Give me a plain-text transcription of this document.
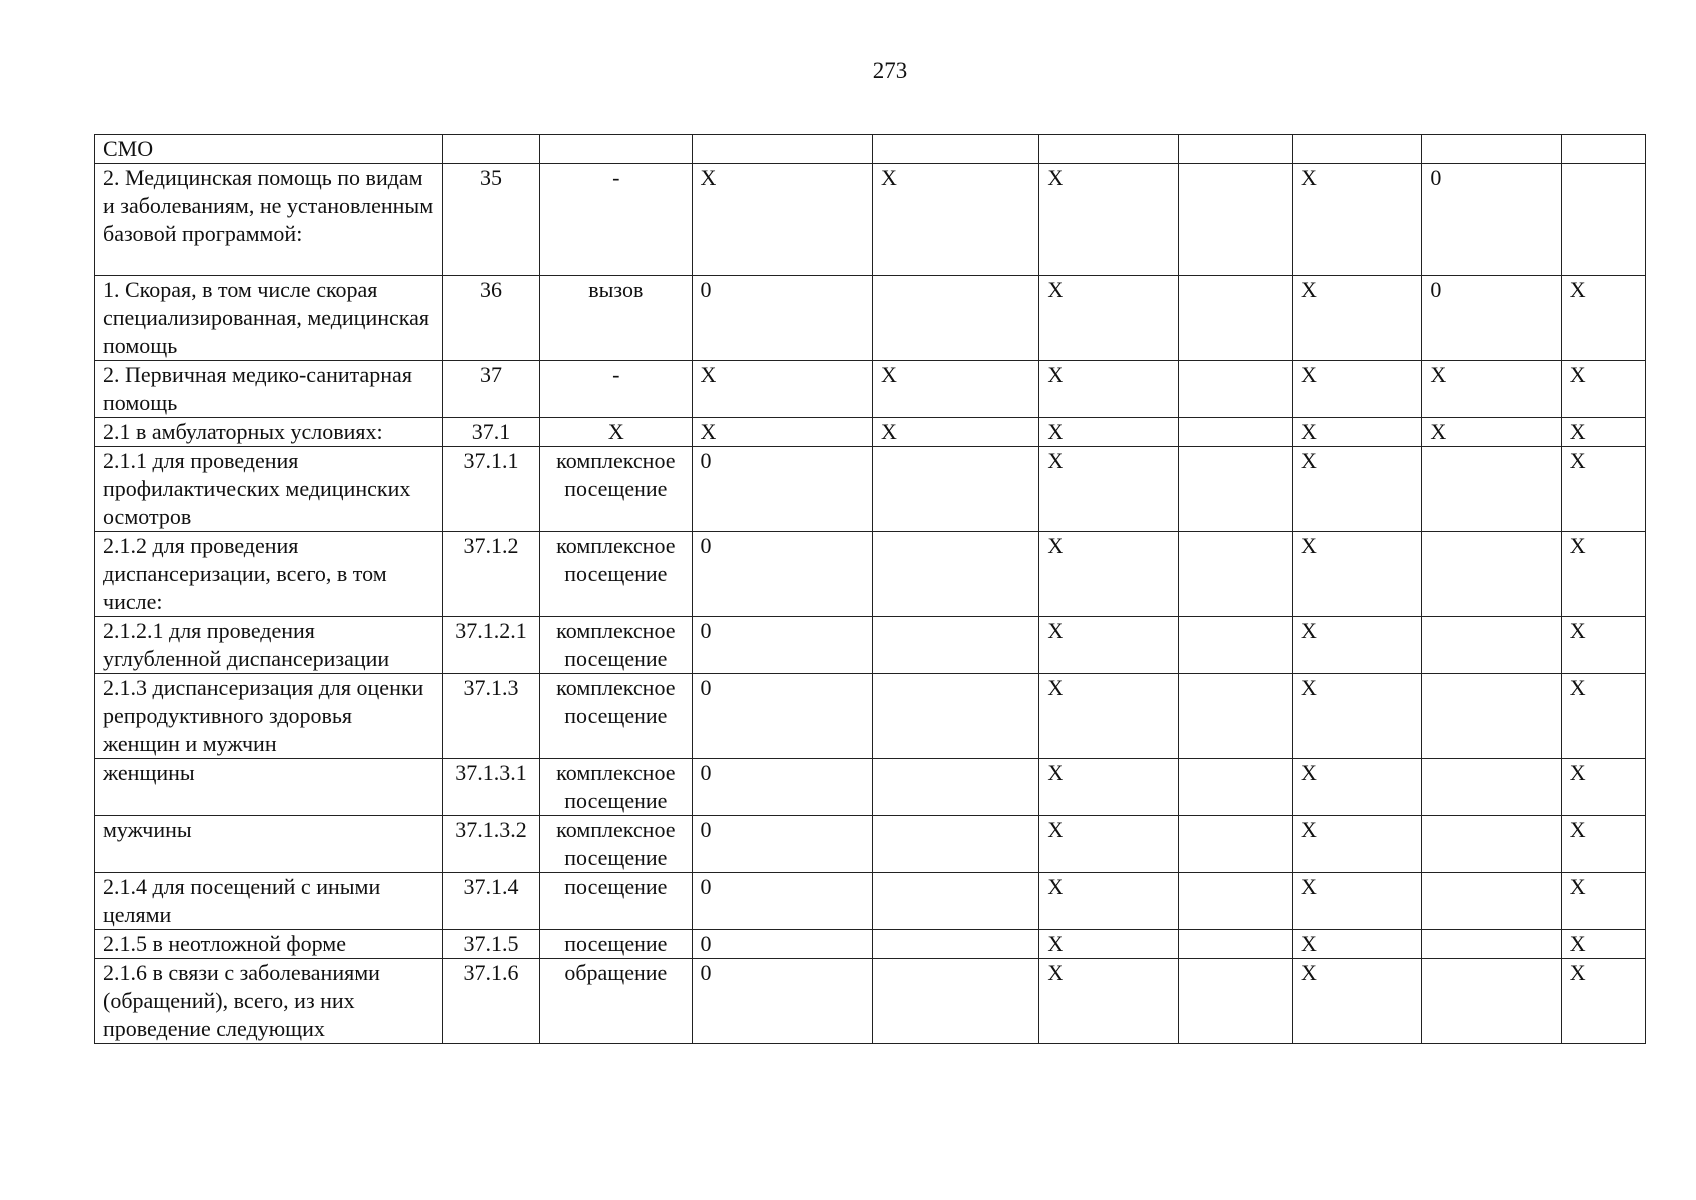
273
СМО									
2. Медицинская помощь по видам и заболеваниям, не установленным базовой программой:	35	-	Х	Х	Х		Х	0	
1. Скорая, в том числе скорая специализированная, медицинская помощь	36	вызов	0		Х		Х	0	Х
2. Первичная медико-санитарная помощь	37	-	Х	Х	Х		Х	Х	Х
2.1 в амбулаторных условиях:	37.1	Х	Х	Х	Х		Х	Х	Х
2.1.1 для проведения профилактических медицинских осмотров	37.1.1	комплексное посещение	0		Х		Х		Х
2.1.2 для проведения диспансеризации, всего, в том числе:	37.1.2	комплексное посещение	0		Х		Х		Х
2.1.2.1 для проведения углубленной диспансеризации	37.1.2.1	комплексное посещение	0		Х		Х		Х
2.1.3 диспансеризация для оценки репродуктивного здоровья женщин и мужчин	37.1.3	комплексное посещение	0		Х		Х		Х
женщины	37.1.3.1	комплексное посещение	0		Х		Х		Х
мужчины	37.1.3.2	комплексное посещение	0		Х		Х		Х
2.1.4 для посещений с иными целями	37.1.4	посещение	0		Х		Х		Х
2.1.5 в неотложной форме	37.1.5	посещение	0		Х		Х		Х
2.1.6 в связи с заболеваниями (обращений), всего, из них проведение следующих	37.1.6	обращение	0		Х		Х		Х
